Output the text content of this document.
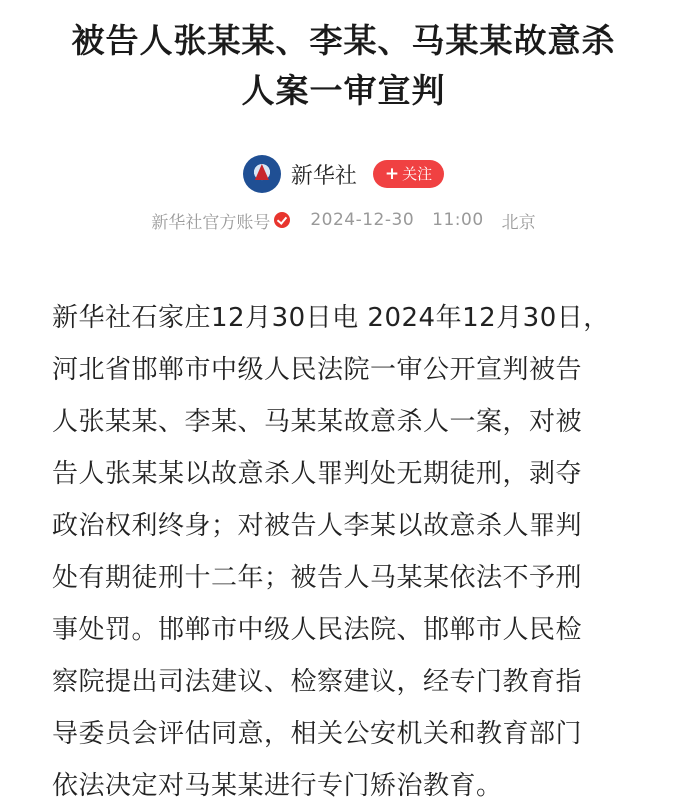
被告人张某某、李某、马某某故意杀
人案一审宣判
新华社 + 关注
新华社官方账号 2024-12-30 11:00 北京
新华社石家庄12月30日电 2024年12月30日，
河北省邯郸市中级人民法院一审公开宣判被告
人张某某、李某、马某某故意杀人一案，对被
告人张某某以故意杀人罪判处无期徒刑，剥夺
政治权利终身；对被告人李某以故意杀人罪判
处有期徒刑十二年；被告人马某某依法不予刑
事处罚。邯郸市中级人民法院、邯郸市人民检
察院提出司法建议、检察建议，经专门教育指
导委员会评估同意，相关公安机关和教育部门
依法决定对马某某进行专门矫治教育。
